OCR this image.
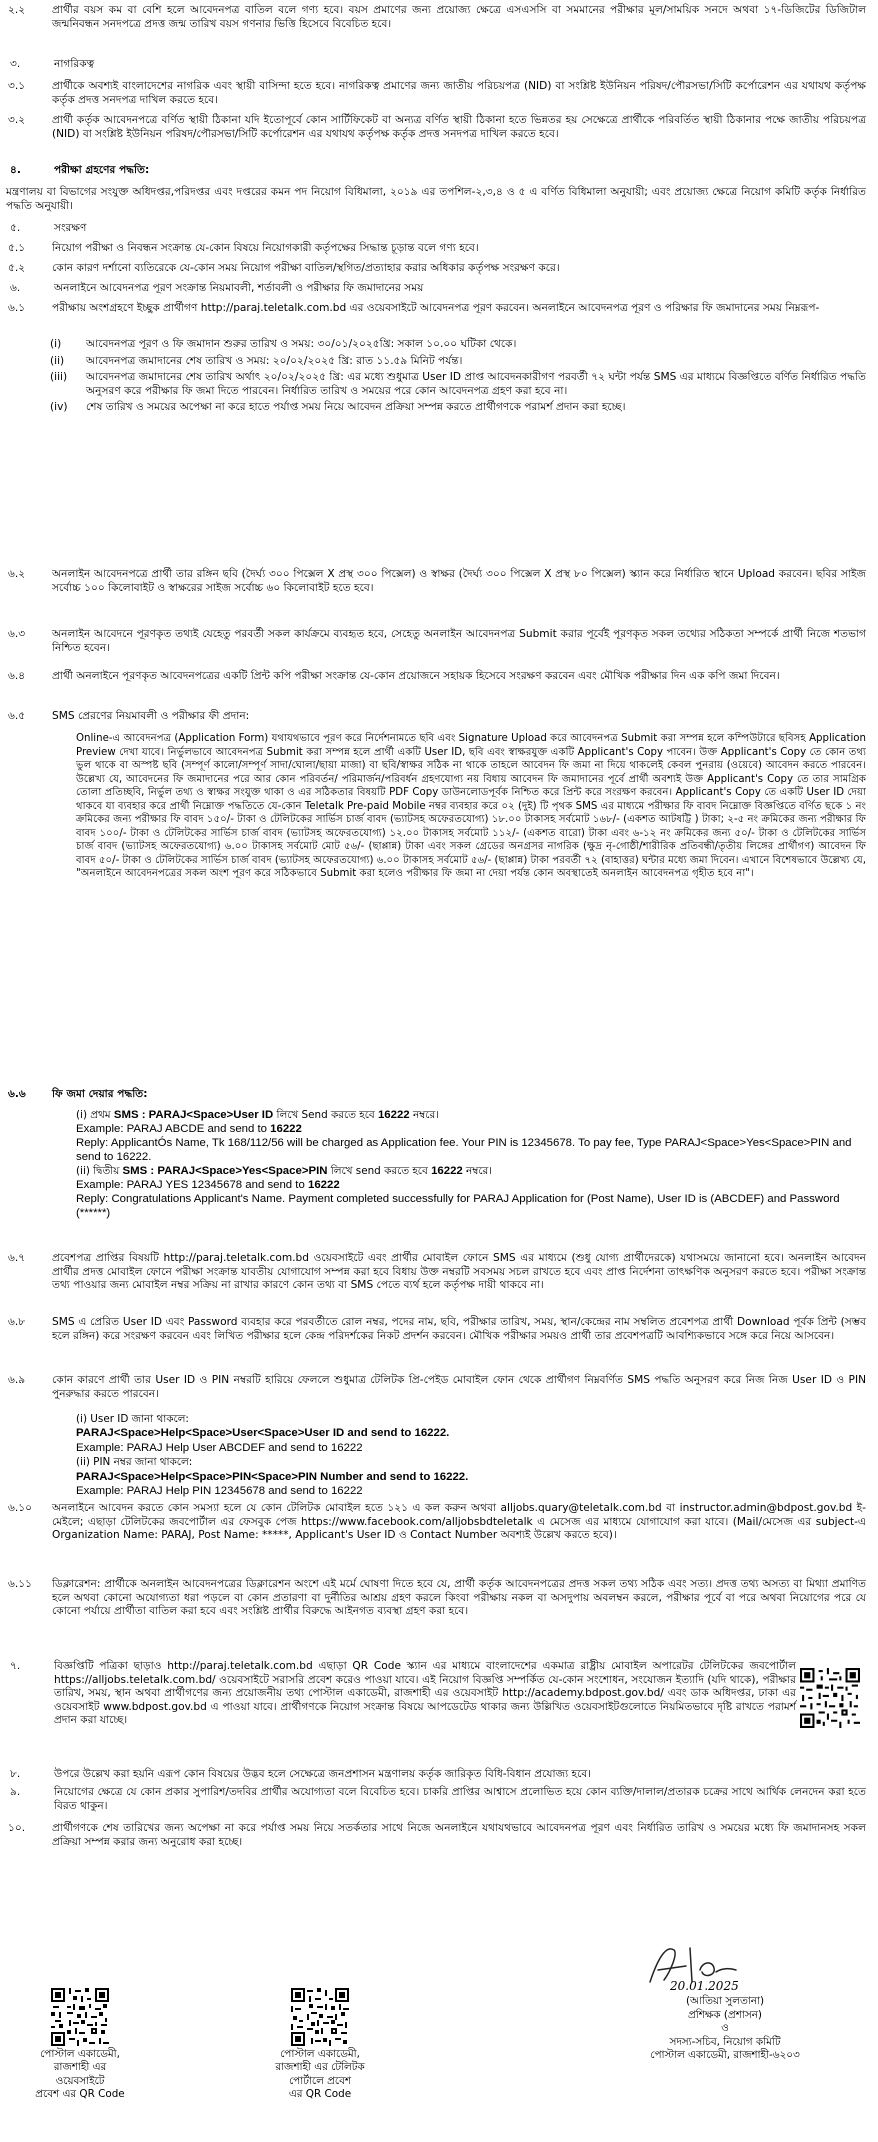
২.২	প্রার্থীর বয়স কম বা বেশি হলে আবেদনপত্র বাতিল বলে গণ্য হবে। বয়স প্রমাণের জন্য প্রয়োজ্য ক্ষেত্রে এসএসসি বা সমমানের পরীক্ষার মূল/সাময়িক সনদে অথবা ১৭-ডিজিটের ডিজিটাল জন্মনিবন্ধন সনদপত্রে প্রদত্ত জন্ম তারিখ বয়স গণনার ভিত্তি হিসেবে বিবেচিত হবে।
৩.	নাগরিকত্ব
৩.১	প্রার্থীকে অবশ্যই বাংলাদেশের নাগরিক এবং স্থায়ী বাসিন্দা হতে হবে। নাগরিকত্ব প্রমাণের জন্য জাতীয় পরিচয়পত্র (NID) বা সংশ্লিষ্ট ইউনিয়ন পরিষদ/পৌরসভা/সিটি কর্পোরেশন এর যথাযথ কর্তৃপক্ষ কর্তৃক প্রদত্ত সনদপত্র দাখিল করতে হবে।
৩.২	প্রার্থী কর্তৃক আবেদনপত্রে বর্ণিত স্থায়ী ঠিকানা যদি ইতোপূর্বে কোন সার্টিফিকেট বা অন্যত্র বর্ণিত স্থায়ী ঠিকানা হতে ভিন্নতর হয় সেক্ষেত্রে প্রার্থীকে পরিবর্তিত স্থায়ী ঠিকানার পক্ষে জাতীয় পরিচয়পত্র (NID) বা সংশ্লিষ্ট ইউনিয়ন পরিষদ/পৌরসভা/সিটি কর্পোরেশন এর যথাযথ কর্তৃপক্ষ কর্তৃক প্রদত্ত সনদপত্র দাখিল করতে হবে।
৪.	পরীক্ষা গ্রহণের পদ্ধতি:
মন্ত্রণালয় বা বিভাগের সংযুক্ত অধিদপ্তর,পরিদপ্তর এবং দপ্তরের কমন পদ নিয়োগ বিধিমালা, ২০১৯ এর তপশিল-২,৩,৪ ও ৫ এ বর্ণিত বিধিমালা অনুযায়ী; এবং প্রয়োজ্য ক্ষেত্রে নিয়োগ কমিটি কর্তৃক নির্ধারিত পদ্ধতি অনুযায়ী।
৫.	সংরক্ষণ
৫.১	নিয়োগ পরীক্ষা ও নিবন্ধন সংক্রান্ত যে-কোন বিষয়ে নিয়োগকারী কর্তৃপক্ষের সিদ্ধান্ত চূড়ান্ত বলে গণ্য হবে।
৫.২	কোন কারণ দর্শানো ব্যতিরেকে যে-কোন সময় নিয়োগ পরীক্ষা বাতিল/স্থগিত/প্রত্যাহার করার অধিকার কর্তৃপক্ষ সংরক্ষণ করে।
৬.	অনলাইনে আবেদনপত্র পূরণ সংক্রান্ত নিয়মাবলী, শর্তাবলী ও পরীক্ষার ফি জমাদানের সময়
৬.১	পরীক্ষায় অংশগ্রহণে ইচ্ছুক প্রার্থীগণ http://paraj.teletalk.com.bd এর ওয়েবসাইটে আবেদনপত্র পূরণ করবেন। অনলাইনে আবেদনপত্র পূরণ ও পরিক্ষার ফি জমাদানের সময় নিম্নরূপ-
(i)	আবেদনপত্র পূরণ ও ফি জমাদান শুরুর তারিখ ও সময়: ৩০/০১/২০২৫খ্রি: সকাল ১০.০০ ঘটিকা থেকে।
(ii)	আবেদনপত্র জমাদানের শেষ তারিখ ও সময়: ২০/০২/২০২৫ খ্রি: রাত ১১.৫৯ মিনিট পর্যন্ত।
(iii)	আবেদনপত্র জমাদানের শেষ তারিখ অর্থাৎ ২০/০২/২০২৫ খ্রি: এর মধ্যে শুধুমাত্র User ID প্রাপ্ত আবেদনকারীগণ পরবর্তী ৭২ ঘন্টা পর্যন্ত SMS এর মাধ্যমে বিজ্ঞপ্তিতে বর্ণিত নির্ধারিত পদ্ধতি অনুসরণ করে পরীক্ষার ফি জমা দিতে পারবেন। নির্ধারিত তারিখ ও সময়ের পরে কোন আবেদনপত্র গ্রহণ করা হবে না।
(iv)	শেষ তারিখ ও সময়ের অপেক্ষা না করে হাতে পর্যাপ্ত সময় নিয়ে আবেদন প্রক্রিয়া সম্পন্ন করতে প্রার্থীগণকে পরামর্শ প্রদান করা হচ্ছে।
৬.২	অনলাইন আবেদনপত্রে প্রার্থী তার রঙ্গিন ছবি (দৈর্ঘ্য ৩০০ পিক্সেল X প্রস্থ ৩০০ পিক্সেল) ও স্বাক্ষর (দৈর্ঘ্য ৩০০ পিক্সেল X প্রস্থ ৮০ পিক্সেল) স্ক্যান করে নির্ধারিত স্থানে Upload করবেন। ছবির সাইজ সর্বোচ্চ ১০০ কিলোবাইট ও স্বাক্ষরের সাইজ সর্বোচ্চ ৬০ কিলোবাইট হতে হবে।
৬.৩	অনলাইন আবেদনে পূরণকৃত তথ্যই যেহেতু পরবর্তী সকল কার্যক্রমে ব্যবহৃত হবে, সেহেতু অনলাইন আবেদনপত্র Submit করার পূর্বেই পূরণকৃত সকল তথ্যের সঠিকতা সম্পর্কে প্রার্থী নিজে শতভাগ নিশ্চিত হবেন।
৬.৪	প্রার্থী অনলাইনে পূরণকৃত আবেদনপত্রের একটি প্রিন্ট কপি পরীক্ষা সংক্রান্ত যে-কোন প্রয়োজনে সহায়ক হিসেবে সংরক্ষণ করবেন এবং মৌখিক পরীক্ষার দিন এক কপি জমা দিবেন।
৬.৫	SMS প্রেরণের নিয়মাবলী ও পরীক্ষার ফী প্রদান:
Online-এ আবেদনপত্র (Application Form) যথাযথভাবে পূরণ করে নির্দেশনামতে ছবি এবং Signature Upload করে আবেদনপত্র Submit করা সম্পন্ন হলে কম্পিউটারে ছবিসহ Application Preview দেখা যাবে। নির্ভুলভাবে আবেদনপত্র Submit করা সম্পন্ন হলে প্রার্থী একটি User ID, ছবি এবং স্বাক্ষরযুক্ত একটি Applicant's Copy পাবেন। উক্ত Applicant's Copy তে কোন তথ্য ভুল থাকে বা অস্পষ্ট ছবি (সম্পূর্ণ কালো/সম্পূর্ণ সাদা/ঘোলা/ছায়া মাজা) বা ছবি/স্বাক্ষর সঠিক না থাকে তাহলে আবেদন ফি জমা না দিয়ে থাকলেই কেবল পুনরায় (ওয়েবে) আবেদন করতে পারবেন। উল্লেখ্য যে, আবেদনের ফি জমাদানের পরে আর কোন পরিবর্তন/ পরিমার্জন/পরিবর্ধন গ্রহণযোগ্য নয় বিধায় আবেদন ফি জমাদানের পূর্বে প্রার্থী অবশ্যই উক্ত Applicant's Copy তে তার সামগ্রিক তোলা প্রতিচ্ছবি, নির্ভুল তথ্য ও স্বাক্ষর সংযুক্ত থাকা ও এর সঠিকতার বিষয়টি PDF Copy ডাউনলোডপূর্বক নিশ্চিত করে প্রিন্ট করে সংরক্ষণ করবেন। Applicant's Copy তে একটি User ID দেয়া থাকবে যা ব্যবহার করে প্রার্থী নিম্নোক্ত পদ্ধতিতে যে-কোন Teletalk Pre-paid Mobile নম্বর ব্যবহার করে ০২ (দুই) টি পৃথক SMS এর মাধ্যমে পরীক্ষার ফি বাবদ নিম্নোক্ত বিজ্ঞপ্তিতে বর্ণিত ছকে ১ নং ক্রমিকের জন্য পরীক্ষার ফি বাবদ ১৫০/- টাকা ও টেলিটকের সার্ভিস চার্জ বাবদ (ভ্যাটসহ অফেরতযোগ্য) ১৮.০০ টাকাসহ সর্বমোট ১৬৮/- (একশত আটষট্টি ) টাকা; ২-৫ নং ক্রমিকের জন্য পরীক্ষার ফি বাবদ ১০০/- টাকা ও টেলিটকের সার্ভিস চার্জ বাবদ (ভ্যাটসহ অফেরতযোগ্য) ১২.০০ টাকাসহ সর্বমোট ১১২/- (একশত বারো) টাকা এবং ৬-১২ নং ক্রমিকের জন্য ৫০/- টাকা ও টেলিটকের সার্ভিস চার্জ বাবদ (ভ্যাটসহ অফেরতযোগ্য) ৬.০০ টাকাসহ সর্বমোট মোট ৫৬/- (ছাপ্পান্ন) টাকা এবং সকল গ্রেডের অনগ্রসর নাগরিক (ক্ষুদ্র নৃ-গোষ্ঠী/শারীরিক প্রতিবন্ধী/তৃতীয় লিঙ্গের প্রার্থীগণ) আবেদন ফি বাবদ ৫০/- টাকা ও টেলিটকের সার্ভিস চার্জ বাবদ (ভ্যাটসহ অফেরতযোগ্য) ৬.০০ টাকাসহ সর্বমোট ৫৬/- (ছাপ্পান্ন) টাকা পরবর্তী ৭২ (বাহাত্তর) ঘন্টার মধ্যে জমা দিবেন। এখানে বিশেষভাবে উল্লেখ্য যে, "অনলাইনে আবেদনপত্রের সকল অংশ পূরণ করে সঠিকভাবে Submit করা হলেও পরীক্ষার ফি জমা না দেয়া পর্যন্ত কোন অবস্থাতেই অনলাইন আবেদনপত্র গৃহীত হবে না"।
৬.৬	ফি জমা দেয়ার পদ্ধতি:
(i) প্রথম SMS : PARAJ<Space>User ID লিখে Send করতে হবে 16222 নম্বরে।
Example: PARAJ ABCDE and send to 16222
Reply: ApplicantÓs Name, Tk 168/112/56 will be charged as Application fee. Your PIN is 12345678. To pay fee, Type PARAJ<Space>Yes<Space>PIN and send to 16222.
(ii) দ্বিতীয় SMS : PARAJ<Space>Yes<Space>PIN লিখে send করতে হবে 16222 নম্বরে।
Example: PARAJ YES 12345678 and send to 16222
Reply: Congratulations Applicant's Name. Payment completed successfully for PARAJ Application for (Post Name), User ID is (ABCDEF) and Password (******)
৬.৭	প্রবেশপত্র প্রাপ্তির বিষয়টি http://paraj.teletalk.com.bd ওয়েবসাইটে এবং প্রার্থীর মোবাইল ফোনে SMS এর মাধ্যমে (শুধু যোগ্য প্রার্থীদেরকে) যথাসময়ে জানানো হবে। অনলাইন আবেদন প্রার্থীর প্রদত্ত মোবাইল ফোনে পরীক্ষা সংক্রান্ত যাবতীয় যোগাযোগ সম্পন্ন করা হবে বিধায় উক্ত নম্বরটি সবসময় সচল রাখতে হবে এবং প্রাপ্ত নির্দেশনা তাৎক্ষণিক অনুসরণ করতে হবে। পরীক্ষা সংক্রান্ত তথ্য পাওয়ার জন্য মোবাইল নম্বর সক্রিয় না রাখার কারণে কোন তথ্য বা SMS পেতে ব্যর্থ হলে কর্তৃপক্ষ দায়ী থাকবে না।
৬.৮	SMS এ প্রেরিত User ID এবং Password ব্যবহার করে পরবর্তীতে রোল নম্বর, পদের নাম, ছবি, পরীক্ষার তারিখ, সময়, স্থান/কেন্দ্রের নাম সম্বলিত প্রবেশপত্র প্রার্থী Download পূর্বক প্রিন্ট (সম্ভব হলে রঙ্গিন) করে সংরক্ষণ করবেন এবং লিখিত পরীক্ষার হলে কেন্দ্র পরিদর্শকের নিকট প্রদর্শন করবেন। মৌখিক পরীক্ষার সময়ও প্রার্থী তার প্রবেশপত্রটি আবশ্যিকভাবে সঙ্গে করে নিয়ে আসবেন।
৬.৯	কোন কারণে প্রার্থী তার User ID ও PIN নম্বরটি হারিয়ে ফেললে শুধুমাত্র টেলিটক প্রি-পেইড মোবাইল ফোন থেকে প্রার্থীগণ নিম্নবর্ণিত SMS পদ্ধতি অনুসরণ করে নিজ নিজ User ID ও PIN পুনরুদ্ধার করতে পারবেন।
(i) User ID জানা থাকলে:
PARAJ<Space>Help<Space>User<Space>User ID and send to 16222.
Example: PARAJ Help User ABCDEF and send to 16222
(ii) PIN নম্বর জানা থাকলে:
PARAJ<Space>Help<Space>PIN<Space>PIN Number and send to 16222.
Example: PARAJ Help PIN 12345678 and send to 16222
৬.১০	অনলাইনে আবেদন করতে কোন সমস্যা হলে যে কোন টেলিটক মোবাইল হতে ১২১ এ কল করুন অথবা alljobs.quary@teletalk.com.bd বা instructor.admin@bdpost.gov.bd ই-মেইলে; এছাড়া টেলিটকের জবপোর্টাল এর ফেসবুক পেজ https://www.facebook.com/alljobsbdteletalk এ মেসেজ এর মাধ্যমে যোগাযোগ করা যাবে। (Mail/মেসেজ এর subject-এ Organization Name: PARAJ, Post Name: *****, Applicant's User ID ও Contact Number অবশ্যই উল্লেখ করতে হবে)।
৬.১১	ডিক্লারেশন: প্রার্থীকে অনলাইন আবেদনপত্রের ডিক্লারেশন অংশে এই মর্মে ঘোষণা দিতে হবে যে, প্রার্থী কর্তৃক আবেদনপত্রের প্রদত্ত সকল তথ্য সঠিক এবং সত্য। প্রদত্ত তথ্য অসত্য বা মিথ্যা প্রমাণিত হলে অথবা কোনো অযোগ্যতা ধরা পড়লে বা কোন প্রতারণা বা দুর্নীতির আশ্রয় গ্রহণ করলে কিংবা পরীক্ষায় নকল বা অসদুপায় অবলম্বন করলে, পরীক্ষার পূর্বে বা পরে অথবা নিয়োগের পরে যে কোনো পর্যায়ে প্রার্থীতা বাতিল করা হবে এবং সংশ্লিষ্ট প্রার্থীর বিরুদ্ধে আইনগত ব্যবস্থা গ্রহণ করা হবে।
৭.	বিজ্ঞপ্তিটি পত্রিকা ছাড়াও http://paraj.teletalk.com.bd এছাড়া QR Code স্ক্যান এর মাধ্যমে বাংলাদেশের একমাত্র রাষ্ট্রীয় মোবাইল অপারেটর টেলিটকের জবপোর্টাল https://alljobs.teletalk.com.bd/ ওয়েবসাইটে সরাসরি প্রবেশ করেও পাওয়া যাবে। এই নিয়োগ বিজ্ঞপ্তি সম্পর্কিত যে-কোন সংশোধন, সংযোজন ইত্যাদি (যদি থাকে), পরীক্ষার তারিখ, সময়, স্থান অথবা প্রার্থীগণের জন্য প্রয়োজনীয় তথ্য পোস্টাল একাডেমী, রাজশাহী এর ওয়েবসাইট http://academy.bdpost.gov.bd/ এবং ডাক অধিদপ্তর, ঢাকা এর ওয়েবসাইট www.bdpost.gov.bd এ পাওয়া যাবে। প্রার্থীগণকে নিয়োগ সংক্রান্ত বিষয়ে আপডেটেড থাকার জন্য উল্লিখিত ওয়েবসাইটগুলোতে নিয়মিতভাবে দৃষ্টি রাখতে পরামর্শ প্রদান করা যাচ্ছে।
৮.	উপরে উল্লেখ করা হয়নি এরূপ কোন বিষয়ের উদ্ভব হলে সেক্ষেত্রে জনপ্রশাসন মন্ত্রণালয় কর্তৃক জারিকৃত বিধি-বিধান প্রযোজ্য হবে।
৯.	নিয়োগের ক্ষেত্রে যে কোন প্রকার সুপারিশ/তদবির প্রার্থীর অযোগ্যতা বলে বিবেচিত হবে। চাকরি প্রাপ্তির আশ্বাসে প্রলোভিত হয়ে কোন ব্যক্তি/দালাল/প্রতারক চক্রের সাথে আর্থিক লেনদেন করা হতে বিরত থাকুন।
১০.	প্রার্থীগণকে শেষ তারিখের জন্য অপেক্ষা না করে পর্যাপ্ত সময় নিয়ে সতর্কতার সাথে নিজে অনলাইনে যথাযথভাবে আবেদনপত্র পূরণ এবং নির্ধারিত তারিখ ও সময়ের মধ্যে ফি জমাদানসহ সকল প্রক্রিয়া সম্পন্ন করার জন্য অনুরোধ করা হচ্ছে।
পোস্টাল একাডেমী,
রাজশাহী এর
ওয়েবসাইটে
প্রবেশ এর QR Code
পোস্টাল একাডেমী,
রাজশাহী এর টেলিটক
পোর্টালে প্রবেশ
এর QR Code
20.01.2025
(আতিয়া সুলতানা)
প্রশিক্ষক (প্রশাসন)
ও
সদস্য-সচিব, নিয়োগ কমিটি
পোস্টাল একাডেমী, রাজশাহী-৬২০৩
